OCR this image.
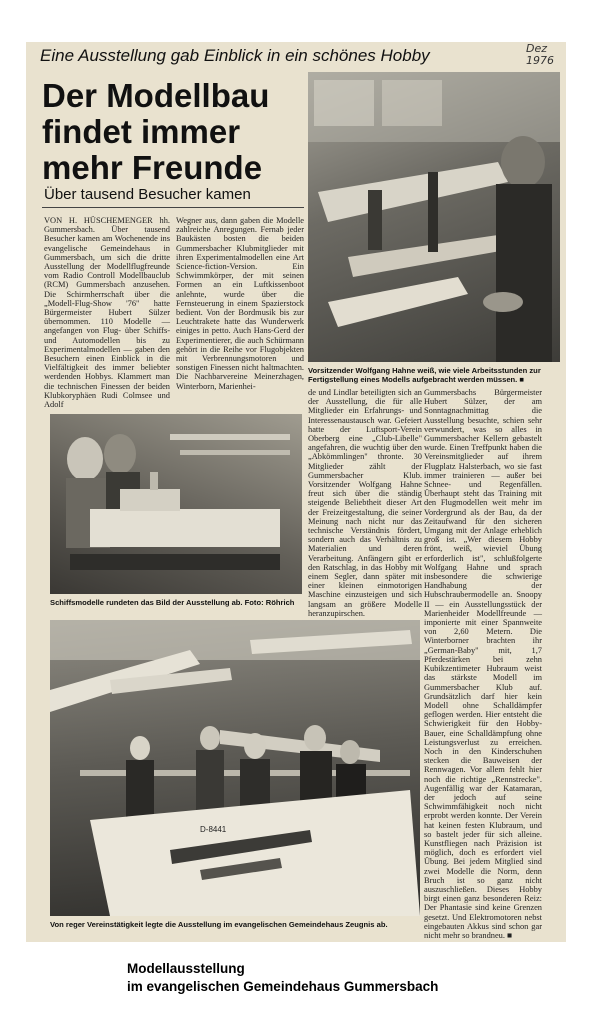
Eine Ausstellung gab Einblick in ein schönes Hobby	Dez 1976
Der Modellbau findet immer mehr Freunde
Über tausend Besucher kamen

VON H. HÜSCHEMENGER hh. Gummersbach. Über tausend Besucher kamen am Wochenende ins evangelische Gemeindehaus in Gummersbach, um sich die dritte Ausstellung der Modellflugfreunde vom Radio Controll Modellbauclub (RCM) Gummersbach anzusehen. Die Schirmherrschaft über die „Modell-Flug-Show '76" hatte Bürgermeister Hubert Sülzer übernommen. 110 Modelle — angefangen von Flug- über Schiffs- und Automodellen bis zu Experimentalmodellen — gaben den Besuchern einen Einblick in die Vielfältigkeit des immer beliebter werdenden Hobbys. Klammert man die technischen Finessen der beiden Klubkoryphäen Rudi Colmsee und Adolf

Wegner aus, dann gaben die Modelle zahlreiche Anregungen. Fernab jeder Baukästen bosten die beiden Gummersbacher Klubmitglieder mit ihren Experimentalmodellen eine Art Science-fiction-Version. Ein Schwimmkörper, der mit seinen Formen an ein Luftkissenboot anlehnte, wurde über die Fernsteuerung in einem Spazierstock bedient. Von der Bordmusik bis zur Leuchtrakete hatte das Wunderwerk einiges in petto. Auch Hans-Gerd der Experimentierer, die auch Schürmann gehört in die Reihe vor Flugobjekten mit Verbrennungsmotoren und sonstigen Finessen nicht haltmachten. Die Nachbarvereine Meinerzhagen, Winterborn, Marienhei-

de und Lindlar beteiligten sich an der Ausstellung, die für alle Mitglieder ein Erfahrungs- und Interessenaustausch war. Gefeiert hatte der Luftsport-Verein Oberberg eine „Club-Libelle" angefahren, die wuchtig über den „Abkömmlingen" thronte. 30 Mitglieder zählt der Gummersbacher Klub. Vorsitzender Wolfgang Hahne freut sich über die ständig steigende Beliebtheit dieser Art der Freizeitgestaltung, die seiner Meinung nach nicht nur das technische Verständnis fördert, sondern auch das Verhältnis zu Materialien und deren Verarbeitung. Anfängern gibt er den Ratschlag, in das Hobby mit einem Segler, dann später mit einer kleinen einmotorigen Maschine einzusteigen und sich langsam an größere Modelle heranzupirschen.

Gummersbachs Bürgermeister Hubert Sülzer, der am Sonntagnachmittag die Ausstellung besuchte, schien sehr verwundert, was so alles in Gummersbacher Kellern gebastelt wurde. Einen Treffpunkt haben die Vereinsmitglieder auf ihrem Flugplatz Halsterbach, wo sie fast immer trainieren — außer bei Schnee- und Regenfällen. Überhaupt steht das Training mit den Flugmodellen weit mehr im Vordergrund als der Bau, da der Zeitaufwand für den sicheren Umgang mit der Anlage erheblich groß ist. „Wer diesem Hobby frönt, weiß, wieviel Übung erforderlich ist", schlußfolgerte Wolfgang Hahne und sprach insbesondere die schwierige Handhabung der Hubschraubermodelle an. Snoopy II — ein Ausstellungsstück der Marienheider Modellfreunde — imponierte mit einer Spannweite von 2,60 Metern. Die Winterborner brachten ihr „German-Baby" mit, 1,7 Pferdestärken bei zehn Kubikzentimeter Hubraum weist das stärkste Modell im Gummersbacher Klub auf. Grundsätzlich darf hier kein Modell ohne Schalldämpfer geflogen werden. Hier entsteht die Schwierigkeit für den Hobby-Bauer, eine Schalldämpfung ohne Leistungsverlust zu erreichen. Noch in den Kinderschuhen stecken die Bauweisen der Rennwagen. Vor allem fehlt hier noch die richtige „Rennstrecke". Augenfällig war der Katamaran, der jedoch auf seine Schwimmfähigkeit noch nicht erprobt werden konnte. Der Verein hat keinen festen Klubraum, und so bastelt jeder für sich alleine. Kunstfliegen nach Präzision ist möglich, doch es erfordert viel Übung. Bei jedem Mitglied sind zwei Modelle die Norm, denn Bruch ist so ganz nicht auszuschließen. Dieses Hobby birgt einen ganz besonderen Reiz: Der Phantasie sind keine Grenzen gesetzt. Und Elektromotoren nebst eingebauten Akkus sind schon gar nicht mehr so brandneu. ■

Vorsitzender Wolfgang Hahne weiß, wie viele Arbeitsstunden zur Fertigstellung eines Modells aufgebracht werden müssen. ■
Schiffsmodelle rundeten das Bild der Ausstellung ab. Foto: Röhrich
D-8441
Von reger Vereinstätigkeit legte die Ausstellung im evangelischen Gemeindehaus Zeugnis ab.
Modellausstellung
im evangelischen Gemeindehaus Gummersbach
